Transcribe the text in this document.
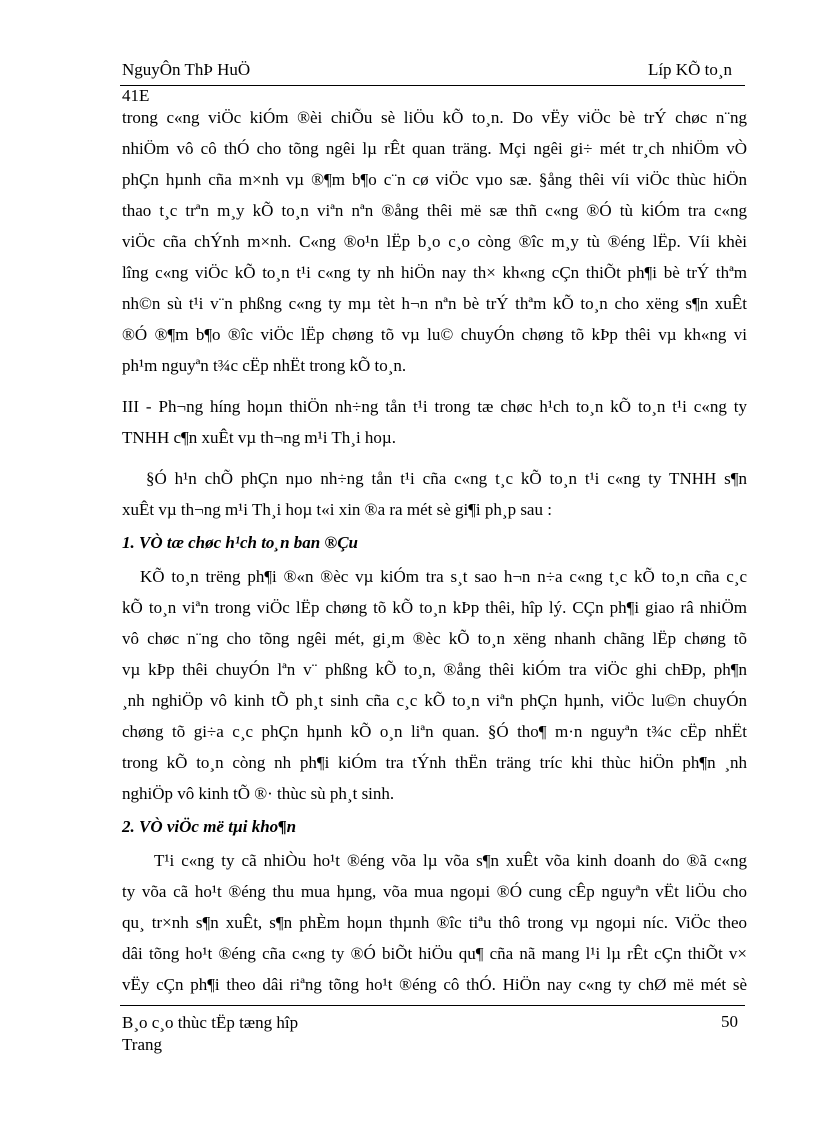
NguyÔn ThÞ HuÖ	Líp KÕ to¸n
41E
trong c«ng viÖc kiÓm ®èi chiÕu sè liÖu kÕ to¸n. Do vËy viÖc bè trÝ chøc n¨ng
nhiÖm vô cô thÓ cho tõng ngêi lµ rÊt quan träng. Mçi ngêi gi÷ mét tr¸ch nhiÖm vÒ
phÇn hµnh cña m×nh vµ ®¶m b¶o c¨n cø viÖc vµo sæ. §ång thêi víi viÖc thùc hiÖn
thao t¸c trªn m¸y kÕ to¸n viªn nªn ®ång thêi më sæ thñ c«ng ®Ó tù kiÓm tra c«ng
viÖc cña chÝnh m×nh. C«ng ®o¹n lËp b¸o c¸o còng ®îc m¸y tù ®éng lËp. Víi khèi
lîng c«ng viÖc kÕ to¸n t¹i c«ng ty nh hiÖn nay th× kh«ng cÇn thiÕt ph¶i bè trÝ thªm
nh©n sù t¹i v¨n phßng c«ng ty mµ tèt h¬n nªn bè trÝ thªm kÕ to¸n cho xëng s¶n xuÊt
®Ó ®¶m b¶o ®îc viÖc lËp chøng tõ vµ lu© chuyÓn chøng tõ kÞp thêi vµ kh«ng vi
ph¹m nguyªn t¾c cËp nhËt trong kÕ to¸n.
III - Ph¬ng híng hoµn thiÖn nh÷ng tån t¹i trong tæ chøc h¹ch to¸n kÕ to¸n t¹i c«ng ty
TNHH c¶n xuÊt vµ th¬ng m¹i Th¸i hoµ.
§Ó h¹n chÕ phÇn nµo nh÷ng tån t¹i cña c«ng t¸c kÕ to¸n t¹i c«ng ty TNHH s¶n
xuÊt vµ th¬ng m¹i Th¸i hoµ t«i xin ®a ra mét sè gi¶i ph¸p sau :
1. VÒ tæ chøc h¹ch to¸n ban ®Çu
KÕ to¸n trëng ph¶i ®«n ®èc vµ kiÓm tra s¸t sao h¬n n÷a c«ng t¸c kÕ to¸n cña c¸c
kÕ to¸n viªn trong viÖc lËp chøng tõ kÕ to¸n kÞp thêi, hîp lý. CÇn ph¶i giao râ nhiÖm
vô chøc n¨ng cho tõng ngêi mét, gi¸m ®èc kÕ to¸n xëng nhanh chãng lËp chøng tõ
vµ kÞp thêi chuyÓn lªn v¨ phßng kÕ to¸n, ®ång thêi kiÓm tra viÖc ghi chÐp, ph¶n
¸nh nghiÖp vô kinh tÕ ph¸t sinh cña c¸c kÕ to¸n viªn phÇn hµnh, viÖc lu©n chuyÓn
chøng tõ gi÷a c¸c phÇn hµnh kÕ o¸n liªn quan. §Ó tho¶ m·n nguyªn t¾c cËp nhËt
trong kÕ to¸n còng nh ph¶i kiÓm tra tÝnh thËn träng tríc khi thùc hiÖn ph¶n ¸nh
nghiÖp vô kinh tÕ ®· thùc sù ph¸t sinh.
2. VÒ viÖc më tµi kho¶n
T¹i c«ng ty cã nhiÒu ho¹t ®éng võa lµ võa s¶n xuÊt võa kinh doanh do ®ã c«ng
ty võa cã ho¹t ®éng thu mua hµng, võa mua ngoµi ®Ó cung cÊp nguyªn vËt liÖu cho
qu¸ tr×nh s¶n xuÊt, s¶n phÈm hoµn thµnh ®îc tiªu thô trong vµ ngoµi níc. ViÖc theo
dâi tõng ho¹t ®éng cña c«ng ty ®Ó biÕt hiÖu qu¶ cña nã mang l¹i lµ rÊt cÇn thiÕt v×
vËy cÇn ph¶i theo dâi riªng tõng ho¹t ®éng cô thÓ. HiÖn nay c«ng ty chØ më mét sè
B¸o c¸o thùc tËp tæng hîp
Trang
50
